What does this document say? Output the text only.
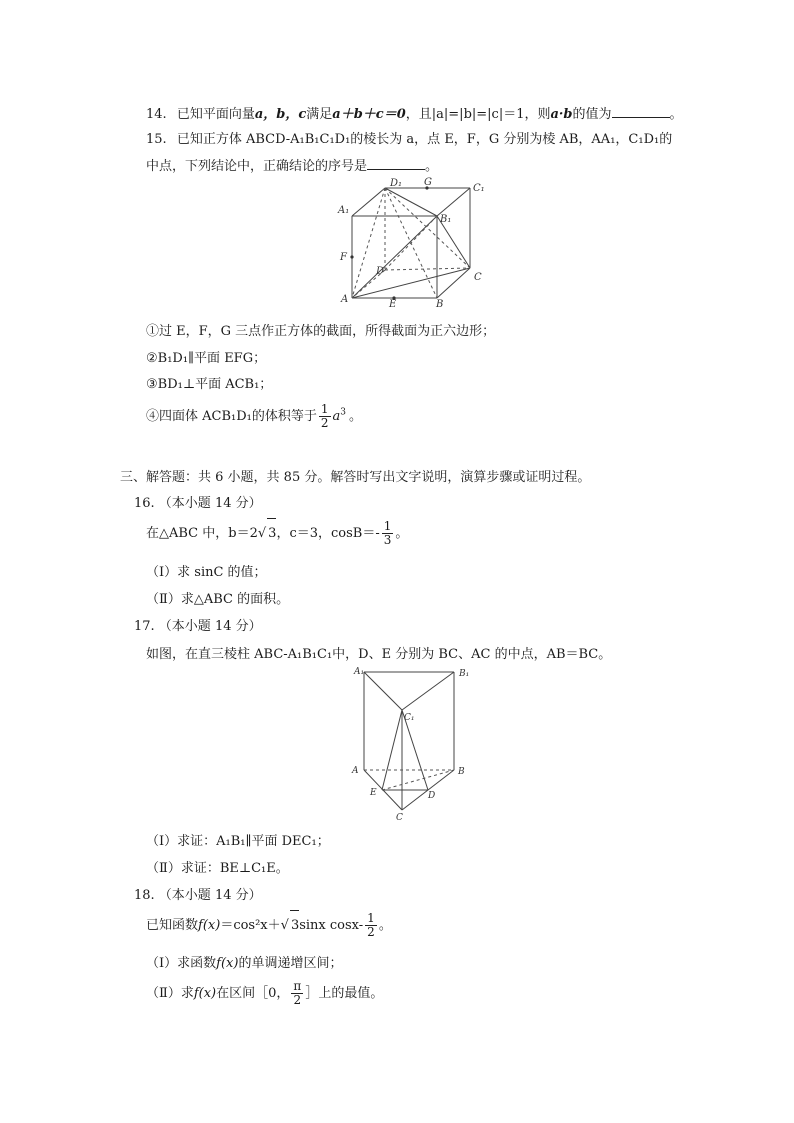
14. 已知平面向量a，b，c满足a＋b＋c＝0，且|a|=|b|=|c|＝1，则a·b的值为	。
15. 已知正方体 ABCD-A₁B₁C₁D₁的棱长为 a，点 E，F，G 分别为棱 AB，AA₁，C₁D₁的
中点，下列结论中，正确结论的序号是	。
D₁ G
C₁
A₁
B₁
F
D
C
A	E	B
①过 E，F，G 三点作正方体的截面，所得截面为正六边形；
②B₁D₁∥平面 EFG；
③BD₁⊥平面 ACB₁；
④四面体 ACB₁D₁的体积等于 $\frac{1}{2} a^3$ 。
三、解答题：共 6 小题，共 85 分。解答时写出文字说明，演算步骤或证明过程。
16. （本小题 14 分）
在△ABC 中，b＝2√ 3，c＝3，$\cos B=- \frac{1}{3}$ 。
（I）求 sinC 的值；
（Ⅱ）求△ABC 的面积。
17. （本小题 14 分）
如图，在直三棱柱 ABC-A₁B₁C₁中，D、E 分别为 BC、AC 的中点，AB＝BC。
A₁	B₁
C₁
A	B
E	D
C
（I）求证：A₁B₁∥平面 DEC₁；
（Ⅱ）求证：BE⊥C₁E。
18. （本小题 14 分）
已知函数f(x)＝cos²x＋√ 3sinx $\cos x- \frac{1}{2}$ 。
（I）求函数f(x)的单调递增区间；
（Ⅱ）求f(x)在区间［0， $\frac{\pi}{2}$ ］上的最值。
